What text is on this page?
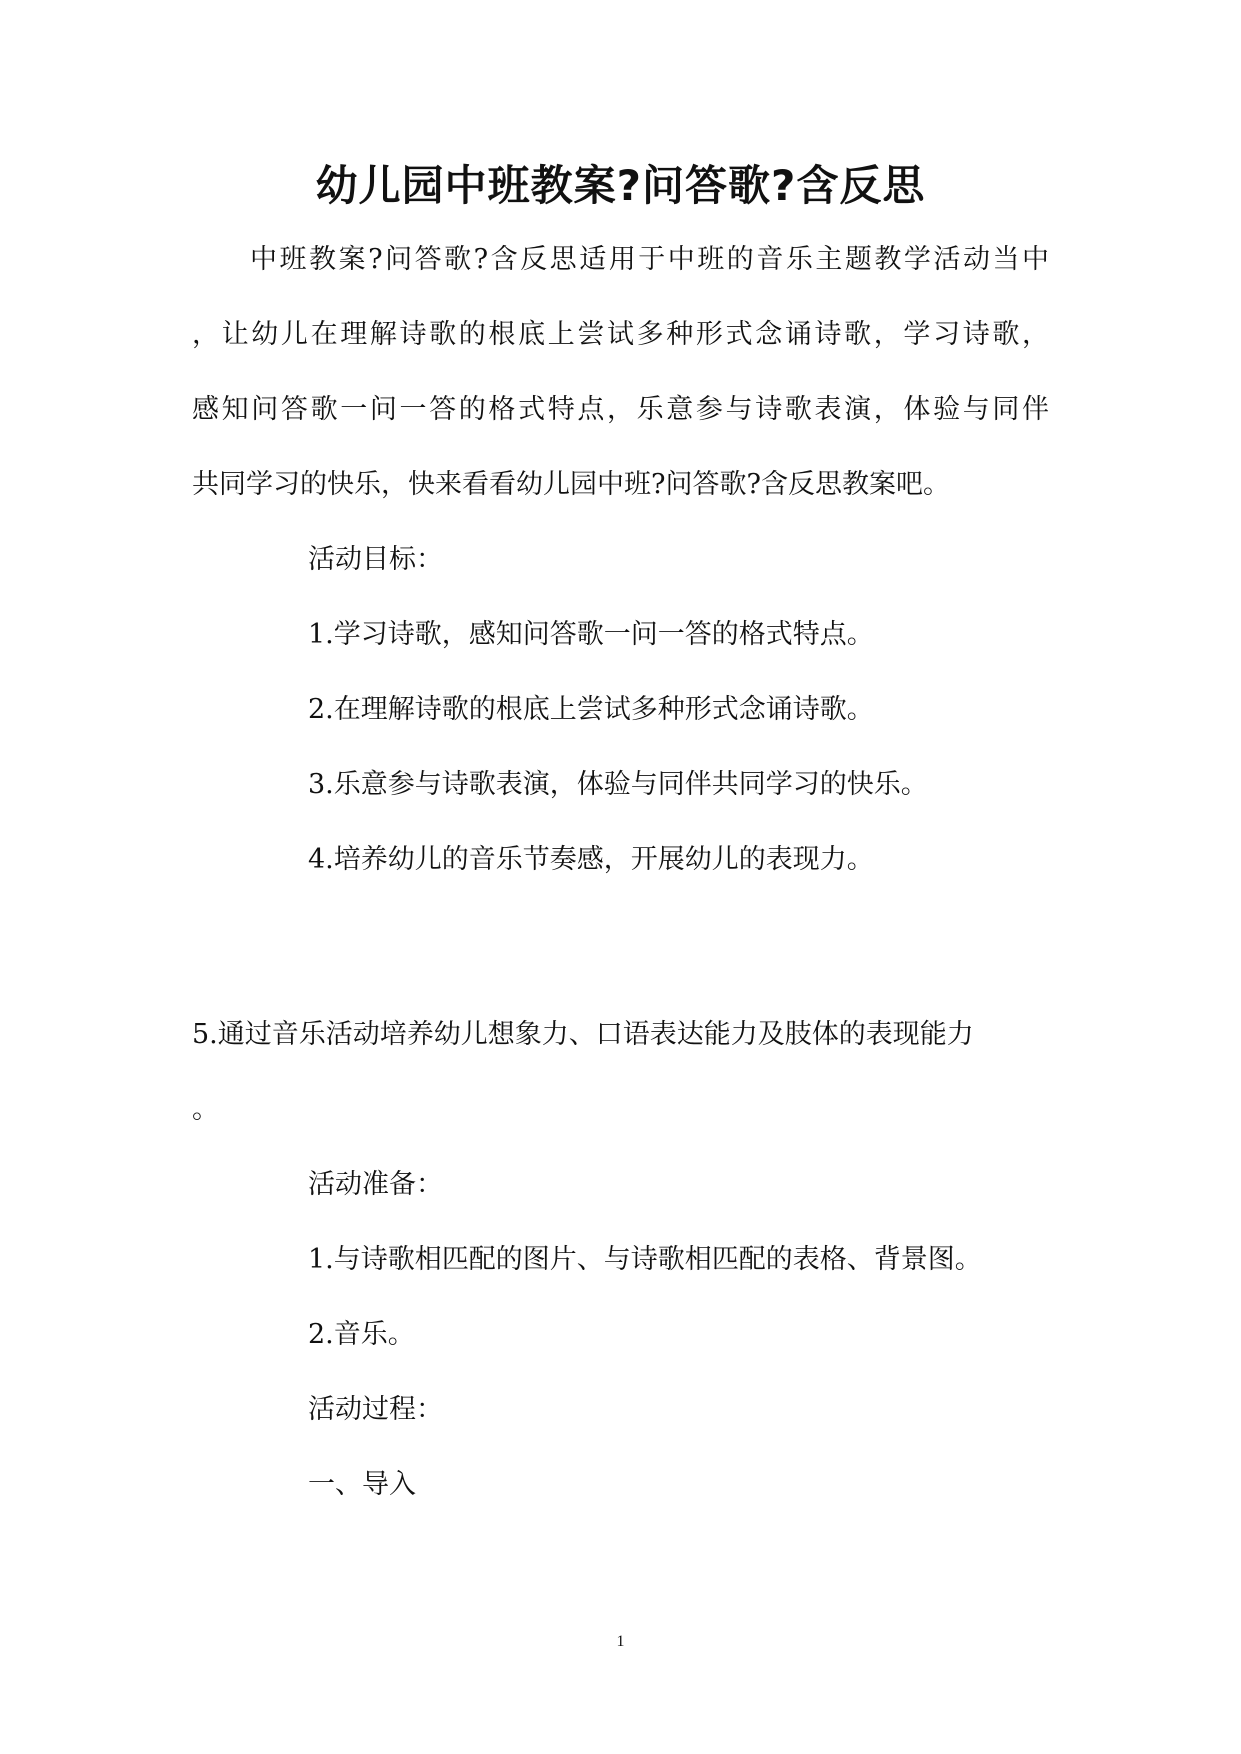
幼儿园中班教案?问答歌?含反思

中班教案?问答歌?含反思适用于中班的音乐主题教学活动当中

，让幼儿在理解诗歌的根底上尝试多种形式念诵诗歌，学习诗歌，

感知问答歌一问一答的格式特点，乐意参与诗歌表演，体验与同伴

共同学习的快乐，快来看看幼儿园中班?问答歌?含反思教案吧。

活动目标：

1.学习诗歌，感知问答歌一问一答的格式特点。

2.在理解诗歌的根底上尝试多种形式念诵诗歌。

3.乐意参与诗歌表演，体验与同伴共同学习的快乐。

4.培养幼儿的音乐节奏感，开展幼儿的表现力。

5.通过音乐活动培养幼儿想象力、口语表达能力及肢体的表现能力

。

活动准备：

1.与诗歌相匹配的图片、与诗歌相匹配的表格、背景图。

2.音乐。

活动过程：

一、导入

1
